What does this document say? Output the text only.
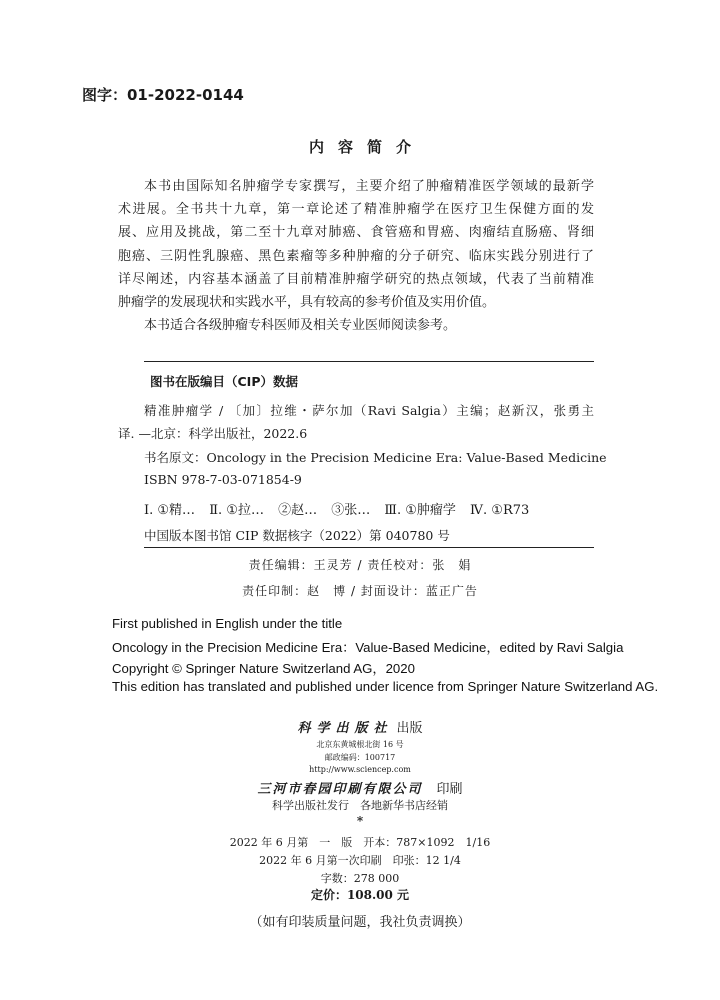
图字：01-2022-0144
内容简介

本书由国际知名肿瘤学专家撰写，主要介绍了肿瘤精准医学领域的最新学
术进展。全书共十九章，第一章论述了精准肿瘤学在医疗卫生保健方面的发
展、应用及挑战，第二至十九章对肺癌、食管癌和胃癌、肉瘤结直肠癌、肾细
胞癌、三阴性乳腺癌、黑色素瘤等多种肿瘤的分子研究、临床实践分别进行了
详尽阐述，内容基本涵盖了目前精准肿瘤学研究的热点领域，代表了当前精准
肿瘤学的发展现状和实践水平，具有较高的参考价值及实用价值。

本书适合各级肿瘤专科医师及相关专业医师阅读参考。

图书在版编目（CIP）数据
精准肿瘤学 / 〔加〕拉维・萨尔加（Ravi Salgia）主编；赵新汉，张勇主
译. —北京：科学出版社，2022.6
书名原文：Oncology in the Precision Medicine Era: Value-Based Medicine
ISBN 978-7-03-071854-9
Ⅰ. ①精… Ⅱ. ①拉… ②赵… ③张… Ⅲ. ①肿瘤学 Ⅳ. ①R73
中国版本图书馆 CIP 数据核字（2022）第 040780 号
责任编辑：王灵芳 / 责任校对：张　娟
责任印制：赵　博 / 封面设计：蓝正广告
First published in English under the title
Oncology in the Precision Medicine Era：Value-Based Medicine，edited by Ravi Salgia
Copyright © Springer Nature Switzerland AG，2020
This edition has translated and published under licence from Springer Nature Switzerland AG.
科学出版社 出版
北京东黄城根北街 16 号
邮政编码：100717
http://www.sciencep.com
三河市春园印刷有限公司 印刷
科学出版社发行　各地新华书店经销
*
2022 年 6 月第　一　版　开本：787×1092　1/16
2022 年 6 月第一次印刷　印张：12 1/4
字数：278 000
定价：108.00 元
（如有印装质量问题，我社负责调换）
